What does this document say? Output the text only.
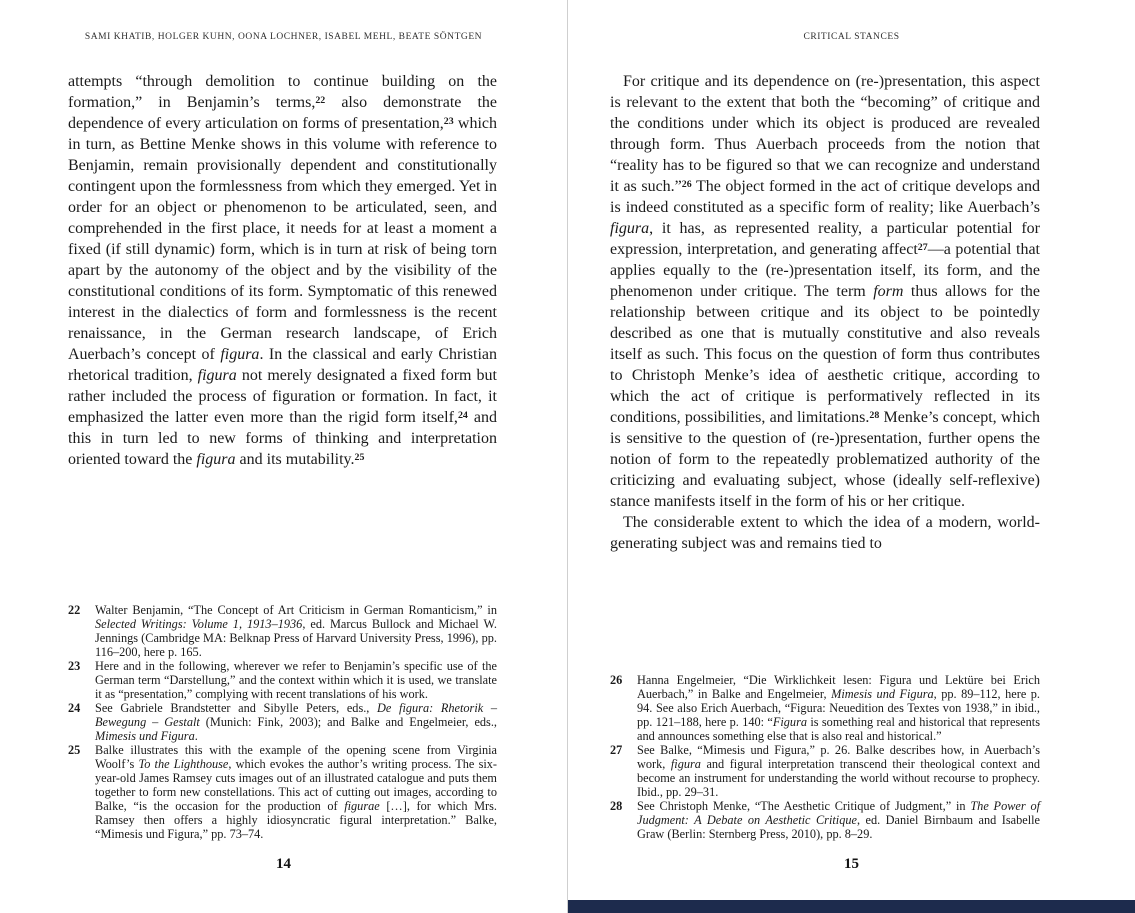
SAMI KHATIB, HOLGER KUHN, OONA LOCHNER, ISABEL MEHL, BEATE SÖNTGEN

attempts “through demolition to continue building on the formation,” in Benjamin’s terms,$^{22}$ also demonstrate the dependence of every articulation on forms of presentation,$^{23}$ which in turn, as Bettine Menke shows in this volume with reference to Benjamin, remain provisionally dependent and constitutionally contingent upon the formlessness from which they emerged. Yet in order for an object or phenomenon to be articulated, seen, and comprehended in the first place, it needs for at least a moment a fixed (if still dynamic) form, which is in turn at risk of being torn apart by the autonomy of the object and by the visibility of the constitutional conditions of its form. Symptomatic of this renewed interest in the dialectics of form and formlessness is the recent renaissance, in the German research landscape, of Erich Auerbach’s concept of figura. In the classical and early Christian rhetorical tradition, figura not merely designated a fixed form but rather included the process of figuration or formation. In fact, it emphasized the latter even more than the rigid form itself,$^{24}$ and this in turn led to new forms of thinking and interpretation oriented toward the figura and its mutability.$^{25}$

22	Walter Benjamin, “The Concept of Art Criticism in German Romanticism,” in Selected Writings: Volume 1, 1913–1936, ed. Marcus Bullock and Michael W. Jennings (Cambridge MA: Belknap Press of Harvard University Press, 1996), pp. 116–200, here p. 165.
23	Here and in the following, wherever we refer to Benjamin’s specific use of the German term “Darstellung,” and the context within which it is used, we translate it as “presentation,” complying with recent translations of his work.
24	See Gabriele Brandstetter and Sibylle Peters, eds., De figura: Rhetorik – Bewegung – Gestalt (Munich: Fink, 2003); and Balke and Engelmeier, eds., Mimesis und Figura.
25	Balke illustrates this with the example of the opening scene from Virginia Woolf’s To the Lighthouse, which evokes the author’s writing process. The six-year-old James Ramsey cuts images out of an illustrated catalogue and puts them together to form new constellations. This act of cutting out images, according to Balke, “is the occasion for the production of figurae […], for which Mrs. Ramsey then offers a highly idiosyncratic figural interpretation.” Balke, “Mimesis und Figura,” pp. 73–74.
14
CRITICAL STANCES

For critique and its dependence on (re-)presentation, this aspect is relevant to the extent that both the “becoming” of critique and the conditions under which its object is produced are revealed through form. Thus Auerbach proceeds from the notion that “reality has to be figured so that we can recognize and understand it as such.”$^{26}$ The object formed in the act of critique develops and is indeed constituted as a specific form of reality; like Auerbach’s figura, it has, as represented reality, a particular potential for expression, interpretation, and generating affect$^{27}$—a potential that applies equally to the (re-)presentation itself, its form, and the phenomenon under critique. The term form thus allows for the relationship between critique and its object to be pointedly described as one that is mutually constitutive and also reveals itself as such. This focus on the question of form thus contributes to Christoph Menke’s idea of aesthetic critique, according to which the act of critique is performatively reflected in its conditions, possibilities, and limitations.$^{28}$ Menke’s concept, which is sensitive to the question of (re-)presentation, further opens the notion of form to the repeatedly problematized authority of the criticizing and evaluating subject, whose (ideally self-reflexive) stance manifests itself in the form of his or her critique.

The considerable extent to which the idea of a modern, world-generating subject was and remains tied to

26	Hanna Engelmeier, “Die Wirklichkeit lesen: Figura und Lektüre bei Erich Auerbach,” in Balke and Engelmeier, Mimesis und Figura, pp. 89–112, here p. 94. See also Erich Auerbach, “Figura: Neuedition des Textes von 1938,” in ibid., pp. 121–188, here p. 140: “Figura is something real and historical that represents and announces something else that is also real and historical.”
27	See Balke, “Mimesis und Figura,” p. 26. Balke describes how, in Auerbach’s work, figura and figural interpretation transcend their theological context and become an instrument for understanding the world without recourse to prophecy. Ibid., pp. 29–31.
28	See Christoph Menke, “The Aesthetic Critique of Judgment,” in The Power of Judgment: A Debate on Aesthetic Critique, ed. Daniel Birnbaum and Isabelle Graw (Berlin: Sternberg Press, 2010), pp. 8–29.
15
